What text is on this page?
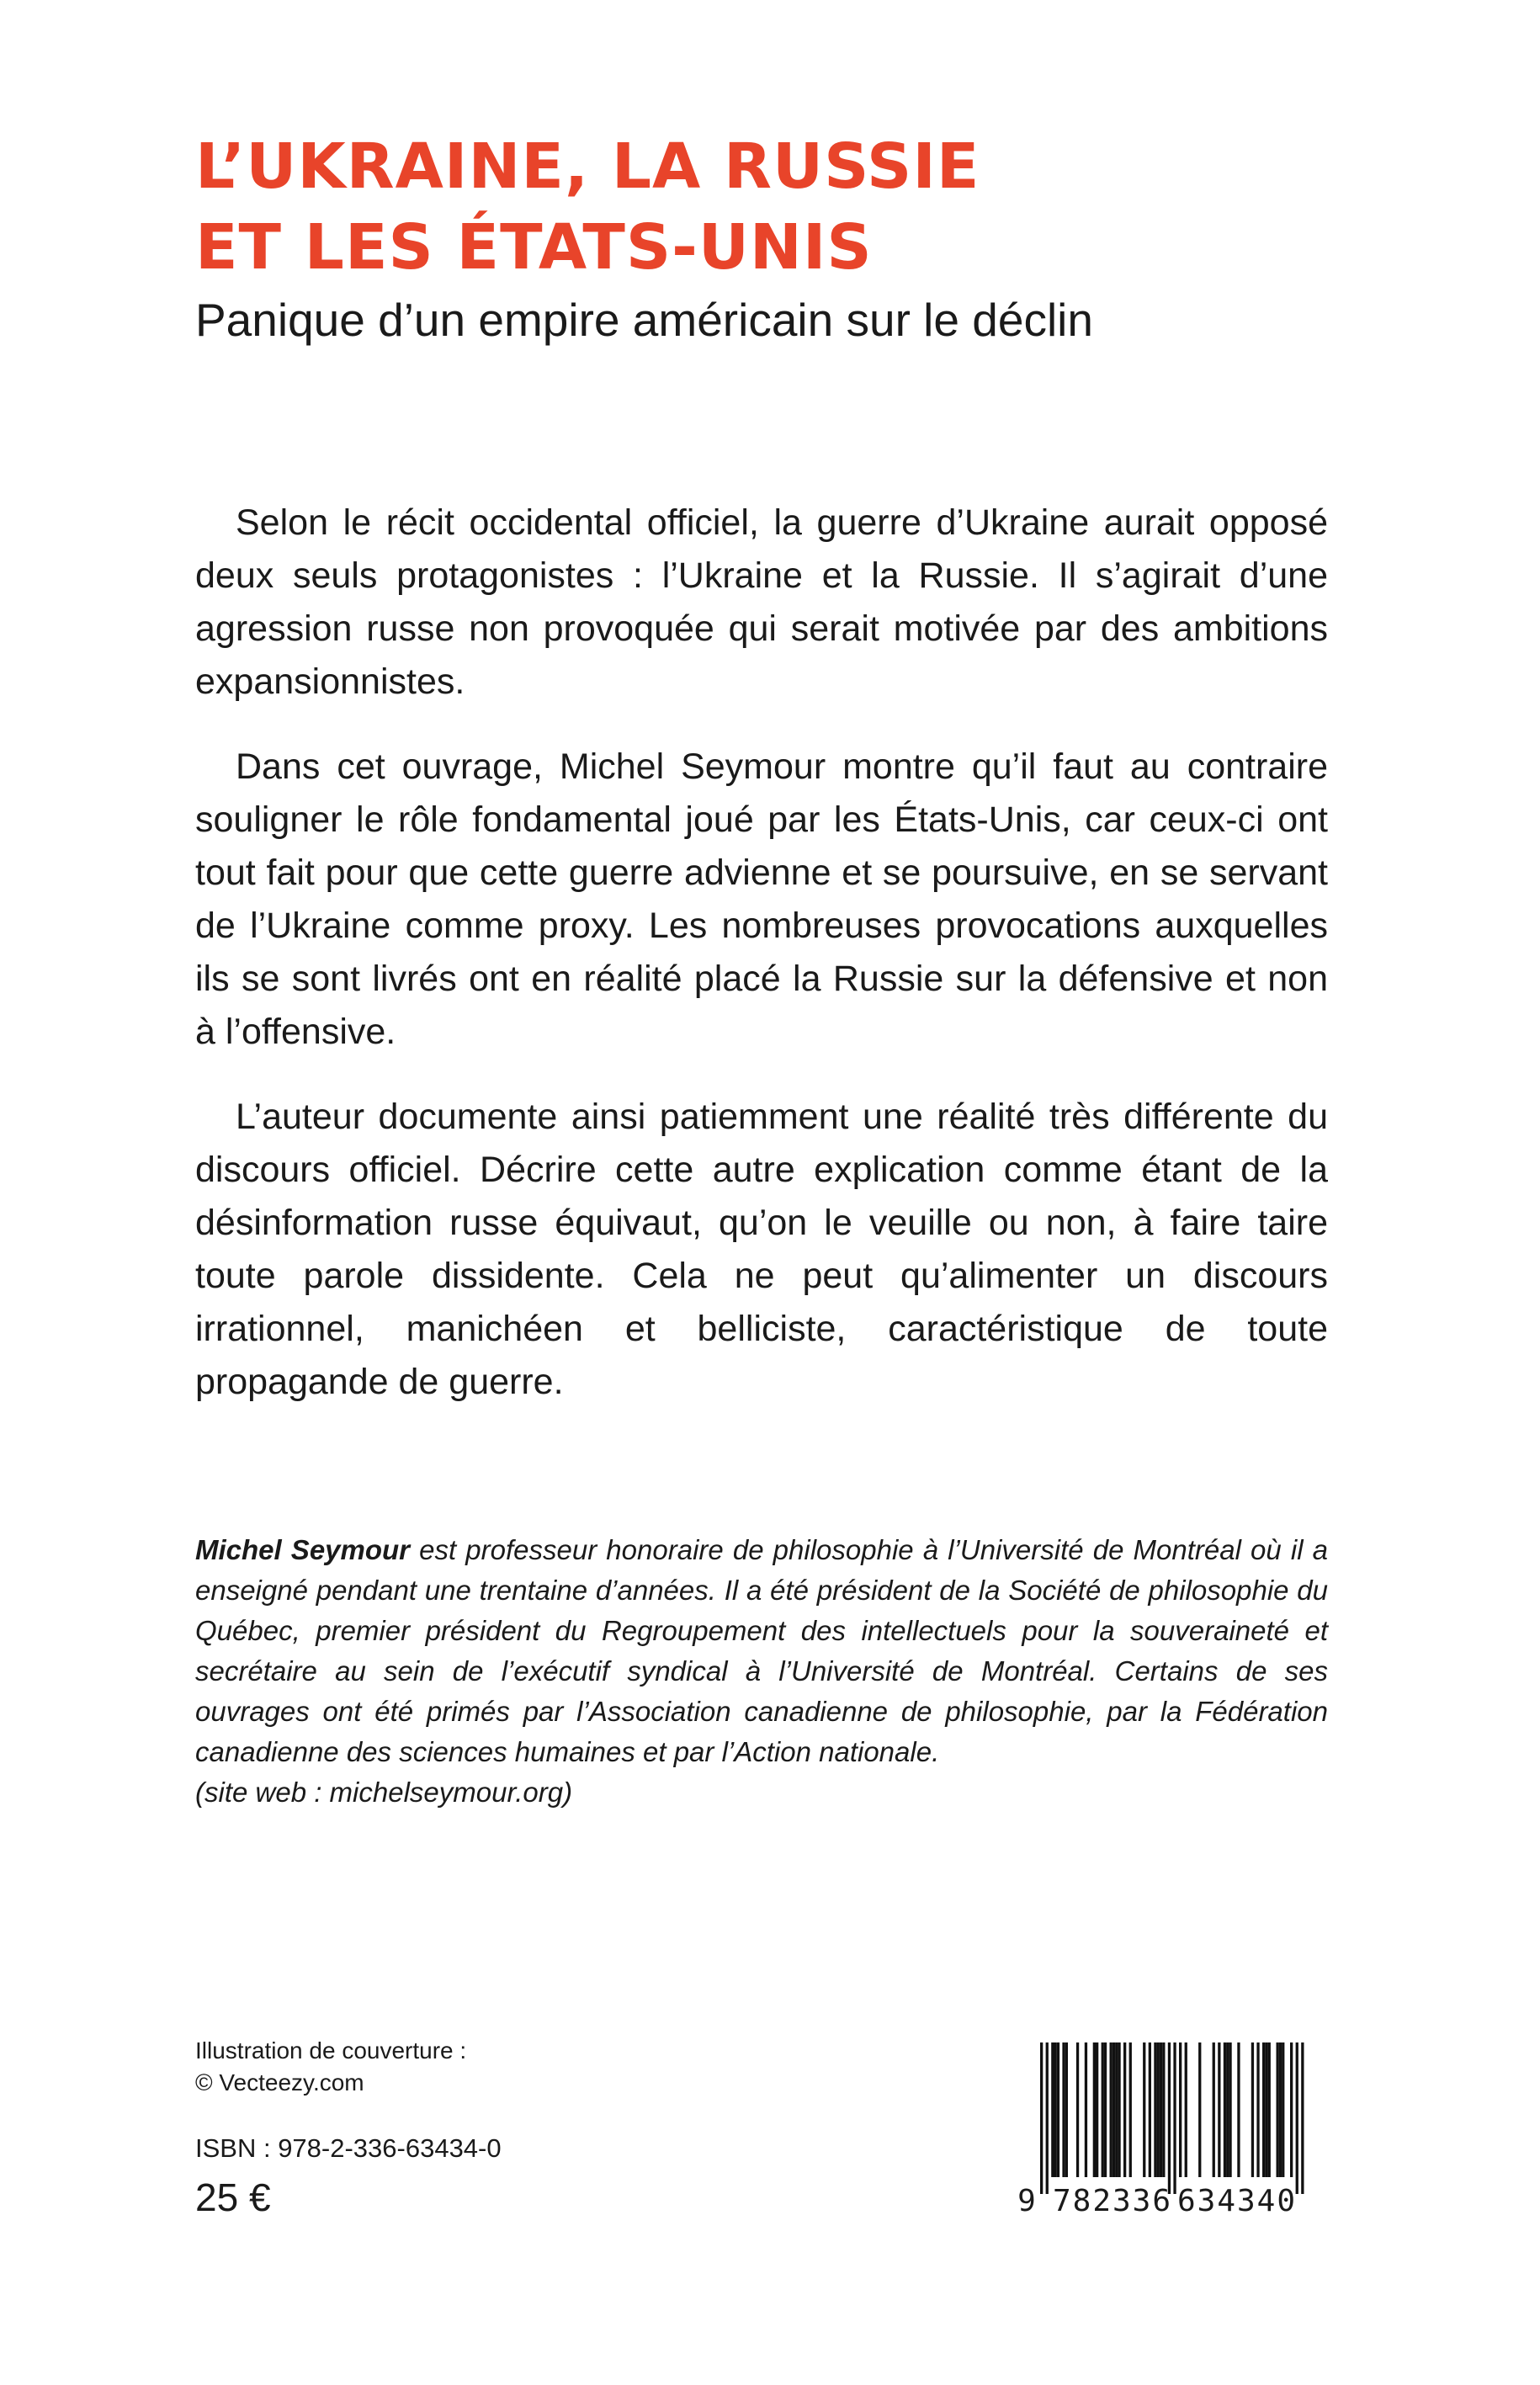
L’UKRAINE, LA RUSSIE
ET LES ÉTATS-UNIS
Panique d’un empire américain sur le déclin

Selon le récit occidental officiel, la guerre d’Ukraine aurait opposé deux seuls protagonistes : l’Ukraine et la Russie. Il s’agirait d’une agression russe non provoquée qui serait motivée par des ambitions expansionnistes.

Dans cet ouvrage, Michel Seymour montre qu’il faut au contraire souligner le rôle fondamental joué par les États-Unis, car ceux-ci ont tout fait pour que cette guerre advienne et se poursuive, en se servant de l’Ukraine comme proxy. Les nombreuses provocations auxquelles ils se sont livrés ont en réalité placé la Russie sur la défensive et non à l’offensive.

L’auteur documente ainsi patiemment une réalité très différente du discours officiel. Décrire cette autre explication comme étant de la désinformation russe équivaut, qu’on le veuille ou non, à faire taire toute parole dissidente. Cela ne peut qu’alimenter un discours irrationnel, manichéen et belliciste, caractéristique de toute propagande de guerre.

Michel Seymour est professeur honoraire de philosophie à l’Université de Montréal où il a enseigné pendant une trentaine d’années. Il a été président de la Société de philosophie du Québec, premier président du Regroupement des intellectuels pour la souveraineté et secrétaire au sein de l’exécutif syndical à l’Université de Montréal. Certains de ses ouvrages ont été primés par l’Association canadienne de philosophie, par la Fédération canadienne des sciences humaines et par l’Action nationale.
(site web : michelseymour.org)

Illustration de couverture :
© Vecteezy.com
ISBN : 978-2-336-63434-0
25 €	9 782336 634340
